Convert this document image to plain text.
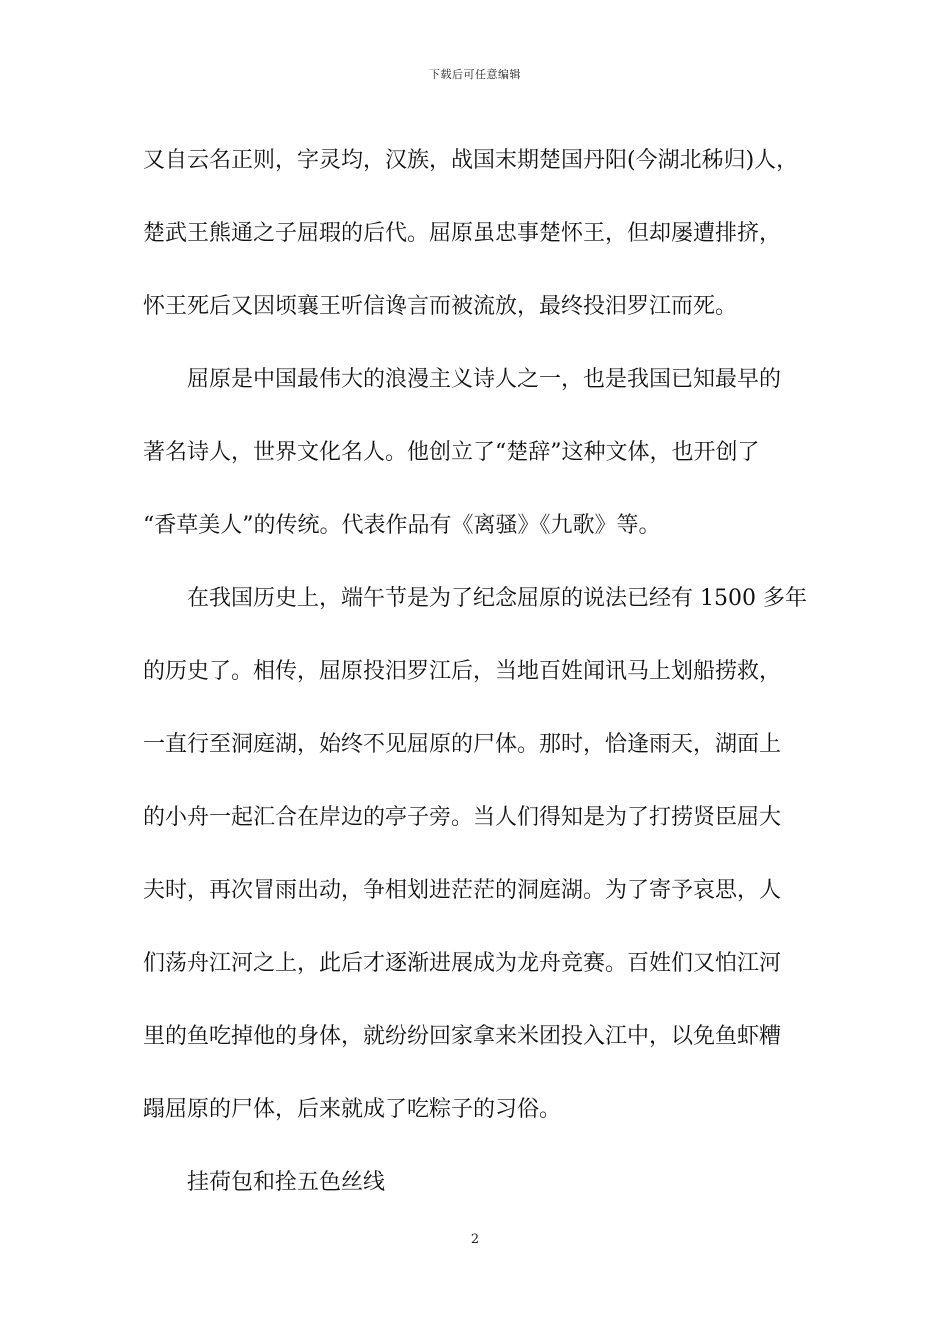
下载后可任意编辑
又自云名正则，字灵均，汉族，战国末期楚国丹阳(今湖北秭归)人，
楚武王熊通之子屈瑕的后代。屈原虽忠事楚怀王，但却屡遭排挤，
怀王死后又因顷襄王听信谗言而被流放，最终投汨罗江而死。
屈原是中国最伟大的浪漫主义诗人之一，也是我国已知最早的
著名诗人，世界文化名人。他创立了“楚辞”这种文体，也开创了
“香草美人”的传统。代表作品有《离骚》《九歌》等。
在我国历史上，端午节是为了纪念屈原的说法已经有 1500 多年
的历史了。相传，屈原投汨罗江后，当地百姓闻讯马上划船捞救，
一直行至洞庭湖，始终不见屈原的尸体。那时，恰逢雨天，湖面上
的小舟一起汇合在岸边的亭子旁。当人们得知是为了打捞贤臣屈大
夫时，再次冒雨出动，争相划进茫茫的洞庭湖。为了寄予哀思，人
们荡舟江河之上，此后才逐渐进展成为龙舟竞赛。百姓们又怕江河
里的鱼吃掉他的身体，就纷纷回家拿来米团投入江中，以免鱼虾糟
蹋屈原的尸体，后来就成了吃粽子的习俗。
挂荷包和拴五色丝线
2
